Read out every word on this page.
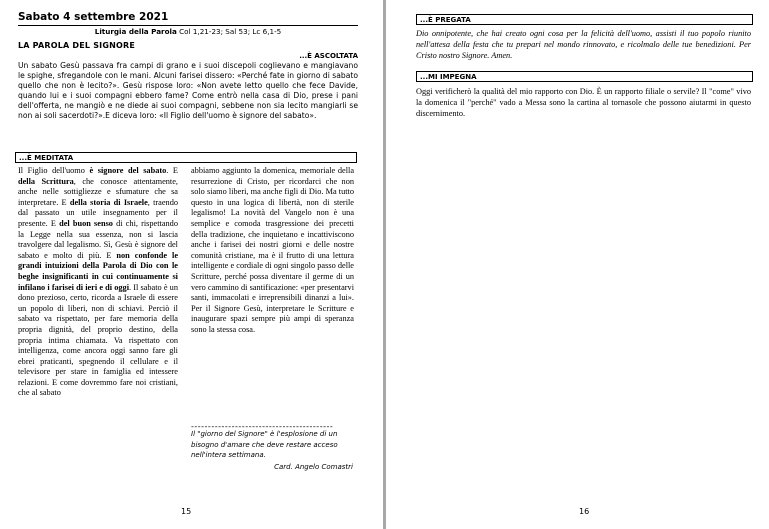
Sabato 4 settembre 2021
Liturgia della Parola Col 1,21-23; Sal 53; Lc 6,1-5
LA PAROLA DEL SIGNORE
...È ASCOLTATA
Un sabato Gesù passava fra campi di grano e i suoi discepoli coglievano e mangiavano le spighe, sfregandole con le mani. Alcuni farisei dissero: «Perché fate in giorno di sabato quello che non è lecito?». Gesù rispose loro: «Non avete letto quello che fece Davide, quando lui e i suoi compagni ebbero fame? Come entrò nella casa di Dio, prese i pani dell'offerta, ne mangiò e ne diede ai suoi compagni, sebbene non sia lecito mangiarli se non ai soli sacerdoti?».E diceva loro: «Il Figlio dell'uomo è signore del sabato».
...È MEDITATA
Il Figlio dell'uomo è signore del sabato. E della Scrittura, che conosce attentamente, anche nelle sottigliezze e sfumature che sa interpretare. E della storia di Israele, traendo dal passato un utile insegnamento per il presente. E del buon senso di chi, rispettando la Legge nella sua essenza, non si lascia travolgere dal legalismo. Sì, Gesù è signore del sabato e molto di più. E non confonde le grandi intuizioni della Parola di Dio con le beghe insignificanti in cui continuamente si infilano i farisei di ieri e di oggi. Il sabato è un dono prezioso, certo, ricorda a Israele di essere un popolo di liberi, non di schiavi. Perciò il sabato va rispettato, per fare memoria della propria dignità, del proprio destino, della propria intima chiamata. Va rispettato con intelligenza, come ancora oggi sanno fare gli ebrei praticanti, spegnendo il cellulare e il televisore per stare in famiglia ed intessere relazioni. E come dovremmo fare noi cristiani, che al sabato
abbiamo aggiunto la domenica, memoriale della resurrezione di Cristo, per ricordarci che non solo siamo liberi, ma anche figli di Dio. Ma tutto questo in una logica di libertà, non di sterile legalismo! La novità del Vangelo non è una semplice e comoda trasgressione dei precetti della tradizione, che inquietano e incattiviscono anche i farisei dei nostri giorni e delle nostre comunità cristiane, ma è il frutto di una lettura intelligente e cordiale di ogni singolo passo delle Scritture, perché possa diventare il germe di un vero cammino di santificazione: «per presentarvi santi, immacolati e irreprensibili dinanzi a lui». Per il Signore Gesù, interpretare le Scritture e inaugurare spazi sempre più ampi di speranza sono la stessa cosa.
------------------------------------------
Il "giorno del Signore" è l'esplosione di un bisogno d'amare che deve restare acceso nell'intera settimana.
Card. Angelo Comastri
15
...È PREGATA
Dio onnipotente, che hai creato ogni cosa per la felicità dell'uomo, assisti il tuo popolo riunito nell'attesa della festa che tu prepari nel mondo rinnovato, e ricolmalo delle tue benedizioni. Per Cristo nostro Signore. Amen.
...MI IMPEGNA
Oggi verificherò la qualità del mio rapporto con Dio. È un rapporto filiale o servile? Il "come" vivo la domenica il "perché" vado a Messa sono la cartina al tornasole che possono aiutarmi in questo discernimento.
16
